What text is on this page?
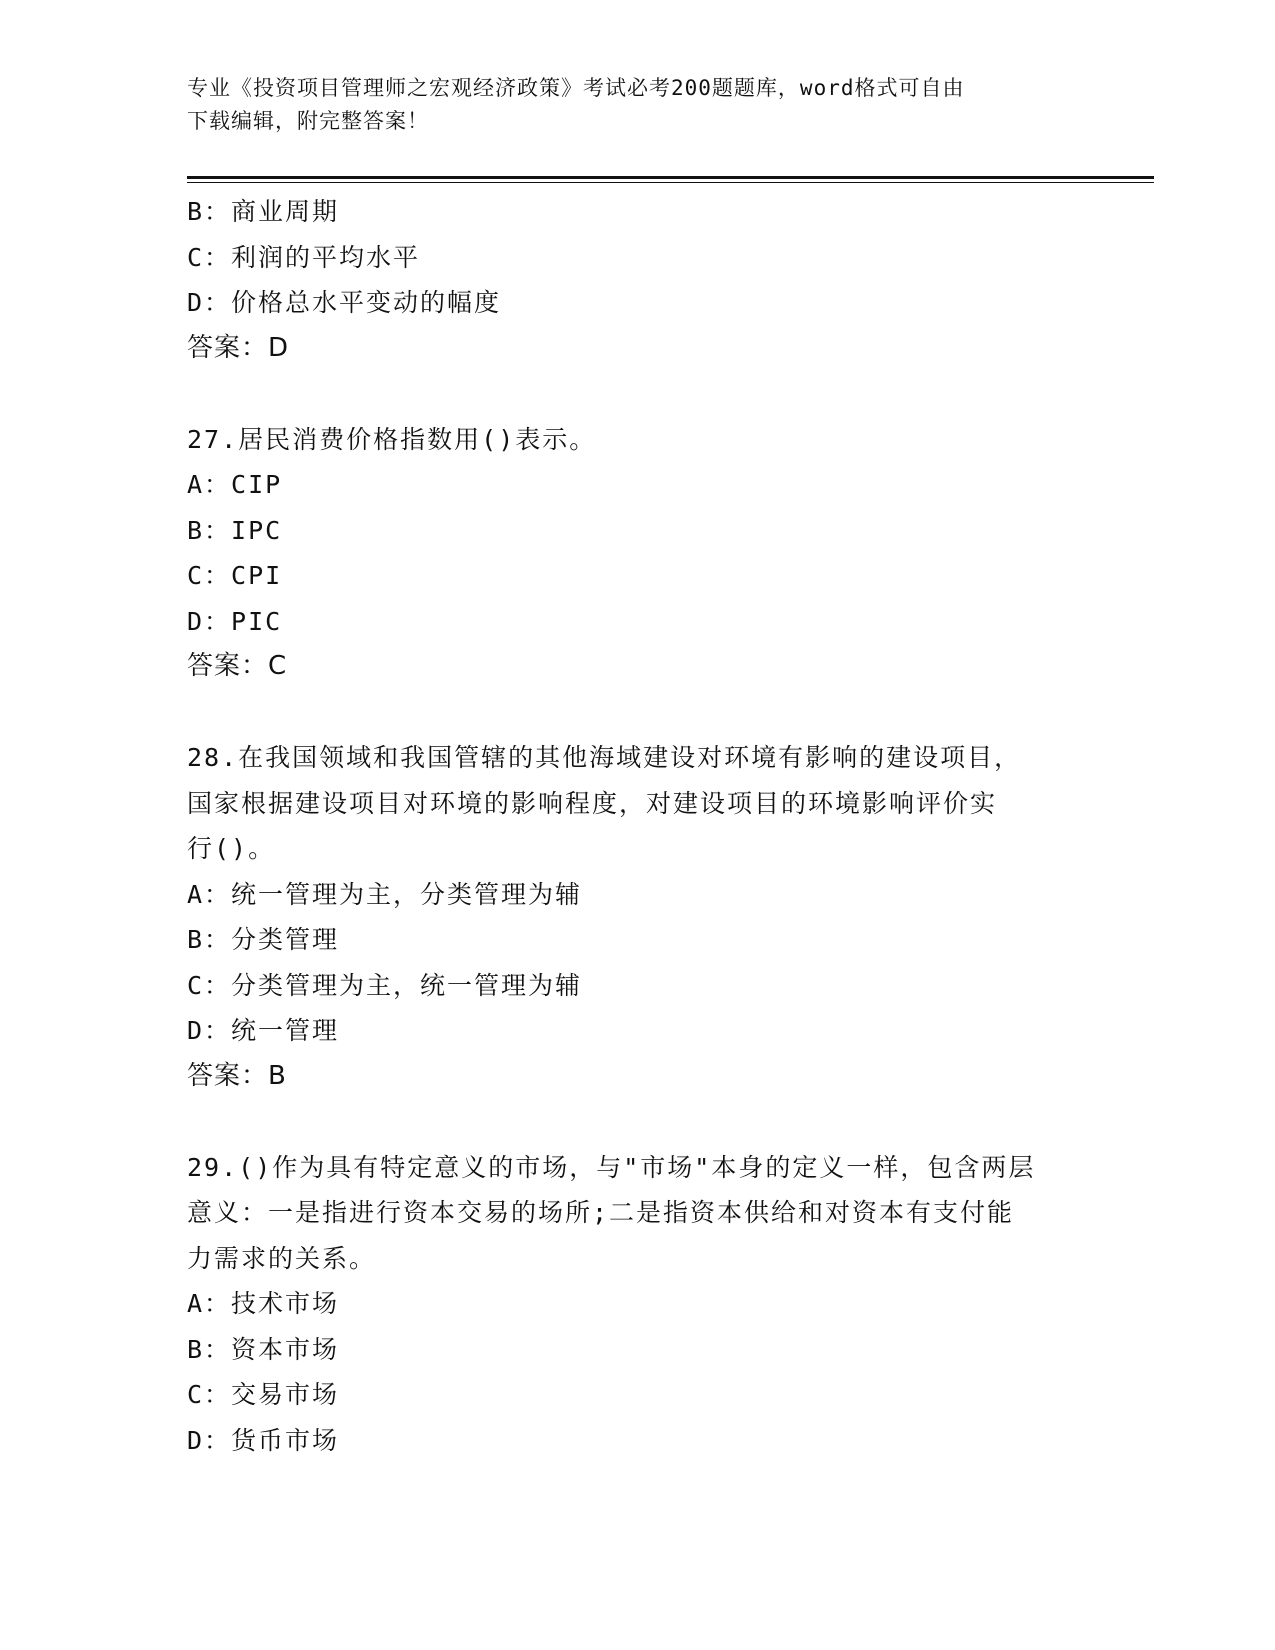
专业《投资项目管理师之宏观经济政策》考试必考200题题库，word格式可自由
下载编辑，附完整答案！
B：商业周期
C：利润的平均水平
D：价格总水平变动的幅度
答案：D
27.居民消费价格指数用()表示。
A：CIP
B：IPC
C：CPI
D：PIC
答案：C
28.在我国领域和我国管辖的其他海域建设对环境有影响的建设项目，
国家根据建设项目对环境的影响程度，对建设项目的环境影响评价实
行()。
A：统一管理为主，分类管理为辅
B：分类管理
C：分类管理为主，统一管理为辅
D：统一管理
答案：B
29.()作为具有特定意义的市场，与"市场"本身的定义一样，包含两层
意义：一是指进行资本交易的场所;二是指资本供给和对资本有支付能
力需求的关系。
A：技术市场
B：资本市场
C：交易市场
D：货币市场
